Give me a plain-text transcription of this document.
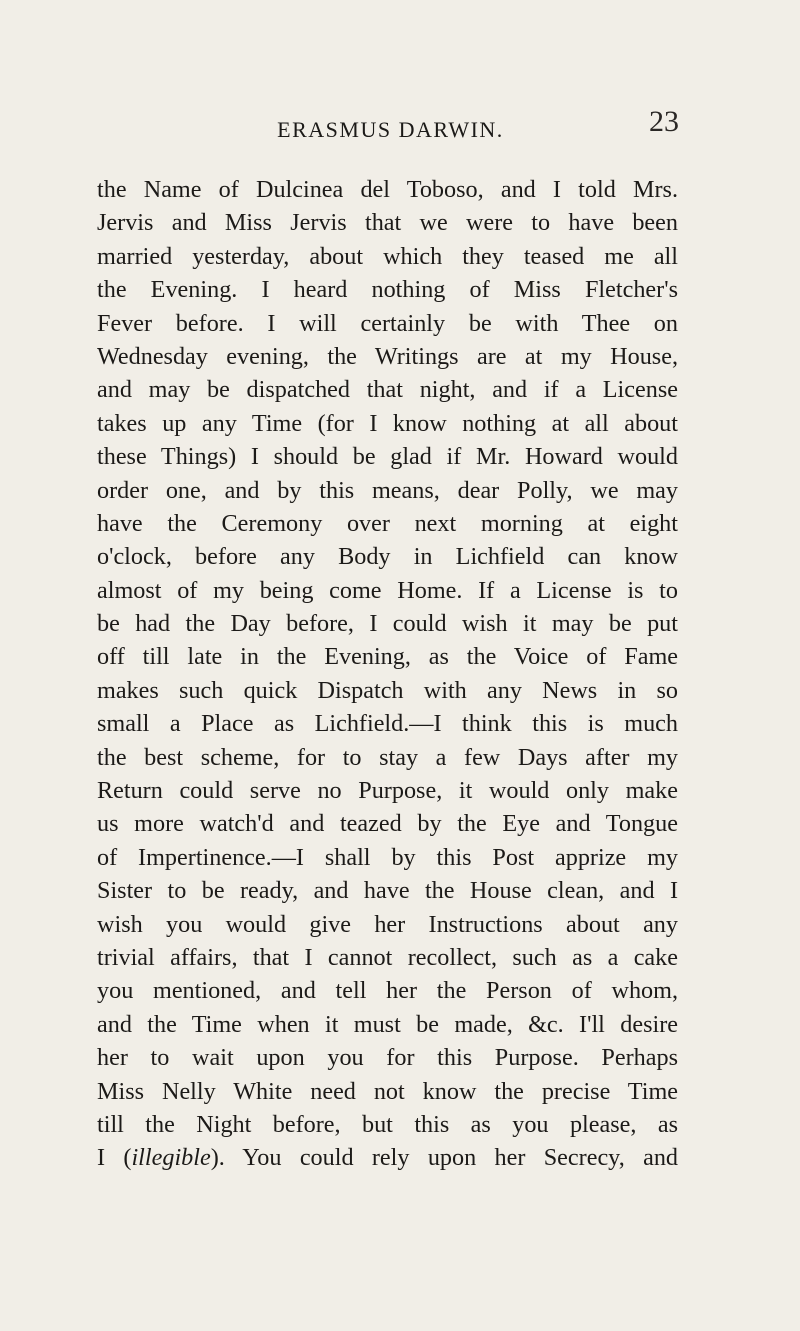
ERASMUS DARWIN.	23
the Name of Dulcinea del Toboso, and I told Mrs.
Jervis and Miss Jervis that we were to have been
married yesterday, about which they teased me all
the Evening. I heard nothing of Miss Fletcher's
Fever before. I will certainly be with Thee on
Wednesday evening, the Writings are at my House,
and may be dispatched that night, and if a License
takes up any Time (for I know nothing at all about
these Things) I should be glad if Mr. Howard would
order one, and by this means, dear Polly, we may
have the Ceremony over next morning at eight
o'clock, before any Body in Lichfield can know
almost of my being come Home. If a License is to
be had the Day before, I could wish it may be put
off till late in the Evening, as the Voice of Fame
makes such quick Dispatch with any News in so
small a Place as Lichfield.—I think this is much
the best scheme, for to stay a few Days after my
Return could serve no Purpose, it would only make
us more watch'd and teazed by the Eye and Tongue
of Impertinence.—I shall by this Post apprize my
Sister to be ready, and have the House clean, and I
wish you would give her Instructions about any
trivial affairs, that I cannot recollect, such as a cake
you mentioned, and tell her the Person of whom,
and the Time when it must be made, &c. I'll desire
her to wait upon you for this Purpose. Perhaps
Miss Nelly White need not know the precise Time
till the Night before, but this as you please, as
I (illegible). You could rely upon her Secrecy, and
